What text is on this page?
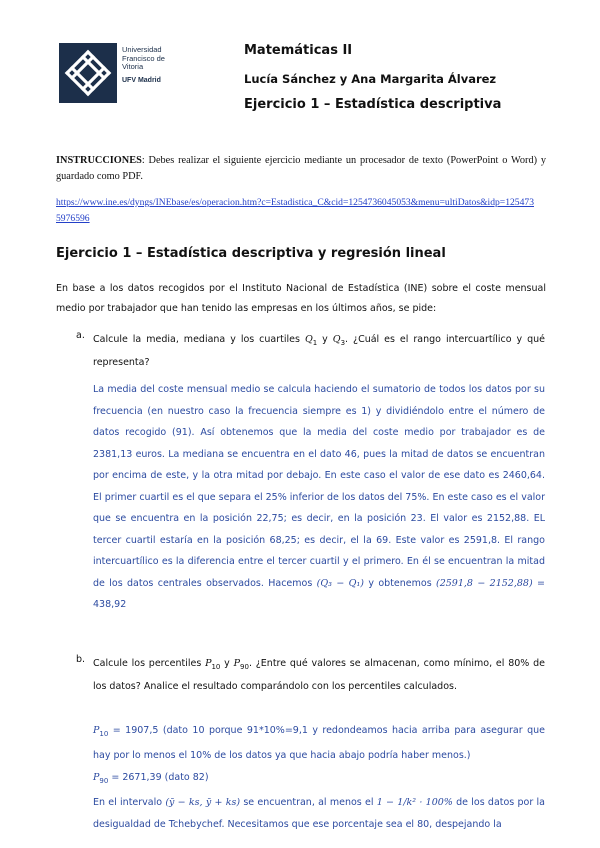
Universidad
Francisco de
Vitoria
UFV Madrid
Matemáticas II
Lucía Sánchez y Ana Margarita Álvarez
Ejercicio 1 – Estadística descriptiva
INSTRUCCIONES: Debes realizar el siguiente ejercicio mediante un procesador de texto (PowerPoint o Word) y guardado como PDF.
https://www.ine.es/dyngs/INEbase/es/operacion.htm?c=Estadistica_C&cid=1254736045053&menu=ultiDatos&idp=1254735976596
Ejercicio 1 – Estadística descriptiva y regresión lineal
En base a los datos recogidos por el Instituto Nacional de Estadística (INE) sobre el coste mensual medio por trabajador que han tenido las empresas en los últimos años, se pide:
a. Calcule la media, mediana y los cuartiles $Q_1$ y $Q_3$. ¿Cuál es el rango intercuartílico y qué representa?
La media del coste mensual medio se calcula haciendo el sumatorio de todos los datos por su frecuencia (en nuestro caso la frecuencia siempre es 1) y dividiéndolo entre el número de datos recogido (91). Así obtenemos que la media del coste medio por trabajador es de 2381,13 euros. La mediana se encuentra en el dato 46, pues la mitad de datos se encuentran por encima de este, y la otra mitad por debajo. En este caso el valor de ese dato es 2460,64. El primer cuartil es el que separa el 25% inferior de los datos del 75%. En este caso es el valor que se encuentra en la posición 22,75; es decir, en la posición 23. El valor es 2152,88. EL tercer cuartil estaría en la posición 68,25; es decir, el la 69. Este valor es 2591,8. El rango intercuartílico es la diferencia entre el tercer cuartil y el primero. En él se encuentran la mitad de los datos centrales observados. Hacemos (Q₃ − Q₁) y obtenemos (2591,8 − 2152,88) = 438,92
b. Calcule los percentiles $P_{10}$ y $P_{90}$. ¿Entre qué valores se almacenan, como mínimo, el 80% de los datos? Analice el resultado comparándolo con los percentiles calculados.
$P_{10} = 1907,5$ (dato 10 porque 91*10%=9,1 y redondeamos hacia arriba para asegurar que hay por lo menos el 10% de los datos ya que hacia abajo podría haber menos.)
$P_{90} = 2671,39$ (dato 82)
En el intervalo (ȳ − ks, ȳ + ks) se encuentran, al menos el 1 − 1/k² · 100% de los datos por la desigualdad de Tchebychef. Necesitamos que ese porcentaje sea el 80, despejando la
